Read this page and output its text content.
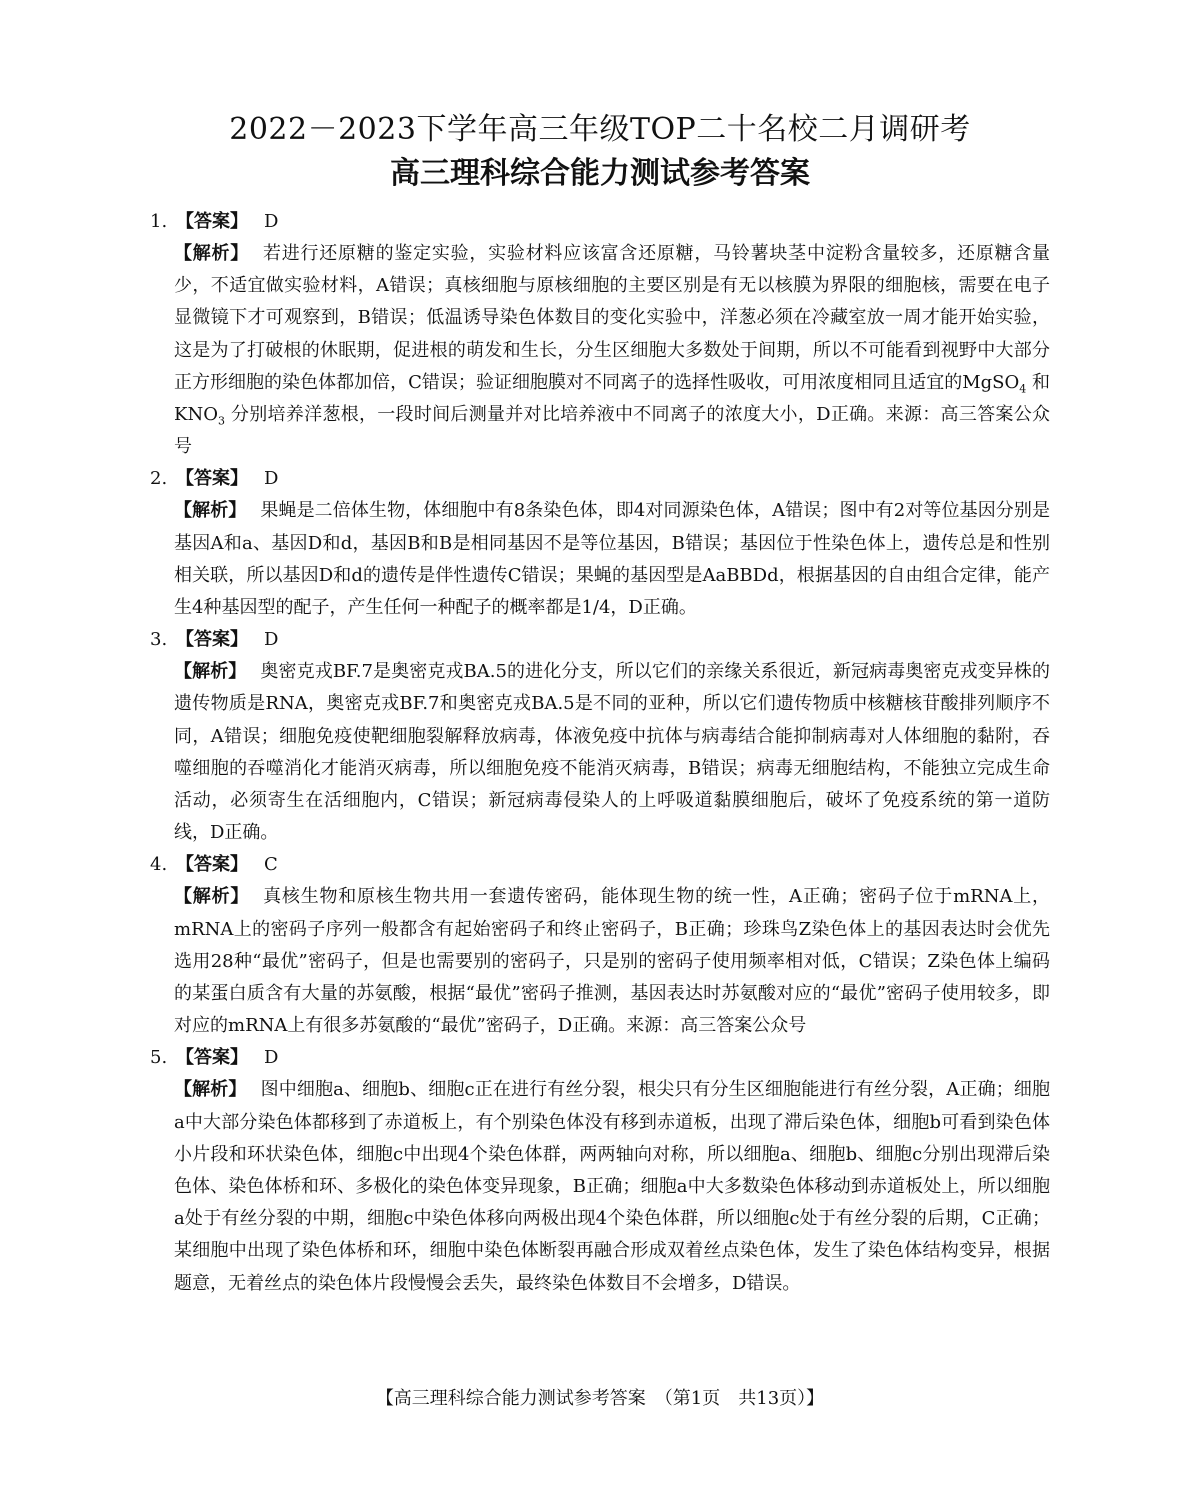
2022－2023下学年高三年级TOP二十名校二月调研考
高三理科综合能力测试参考答案
1. 【答案】 D

【解析】 若进行还原糖的鉴定实验，实验材料应该富含还原糖，马铃薯块茎中淀粉含量较多，还原糖含量少，不适宜做实验材料，A错误；真核细胞与原核细胞的主要区别是有无以核膜为界限的细胞核，需要在电子显微镜下才可观察到，B错误；低温诱导染色体数目的变化实验中，洋葱必须在冷藏室放一周才能开始实验，这是为了打破根的休眠期，促进根的萌发和生长，分生区细胞大多数处于间期，所以不可能看到视野中大部分正方形细胞的染色体都加倍，C错误；验证细胞膜对不同离子的选择性吸收，可用浓度相同且适宜的MgSO$_4$ 和$KNO_3$ 分别培养洋葱根，一段时间后测量并对比培养液中不同离子的浓度大小，D正确。来源：高三答案公众号

2. 【答案】 D

【解析】 果蝇是二倍体生物，体细胞中有8条染色体，即4对同源染色体，A错误；图中有2对等位基因分别是基因A和a、基因D和d，基因B和B是相同基因不是等位基因，B错误；基因位于性染色体上，遗传总是和性别相关联，所以基因D和d的遗传是伴性遗传C错误；果蝇的基因型是AaBBDd，根据基因的自由组合定律，能产生4种基因型的配子，产生任何一种配子的概率都是1/4，D正确。

3. 【答案】 D

【解析】 奥密克戎BF.7是奥密克戎BA.5的进化分支，所以它们的亲缘关系很近，新冠病毒奥密克戎变异株的遗传物质是RNA，奥密克戎BF.7和奥密克戎BA.5是不同的亚种，所以它们遗传物质中核糖核苷酸排列顺序不同，A错误；细胞免疫使靶细胞裂解释放病毒，体液免疫中抗体与病毒结合能抑制病毒对人体细胞的黏附，吞噬细胞的吞噬消化才能消灭病毒，所以细胞免疫不能消灭病毒，B错误；病毒无细胞结构，不能独立完成生命活动，必须寄生在活细胞内，C错误；新冠病毒侵染人的上呼吸道黏膜细胞后，破坏了免疫系统的第一道防线，D正确。

4. 【答案】 C

【解析】 真核生物和原核生物共用一套遗传密码，能体现生物的统一性，A正确；密码子位于mRNA上，mRNA上的密码子序列一般都含有起始密码子和终止密码子，B正确；珍珠鸟Z染色体上的基因表达时会优先选用28种“最优”密码子，但是也需要别的密码子，只是别的密码子使用频率相对低，C错误；Z染色体上编码的某蛋白质含有大量的苏氨酸，根据“最优”密码子推测，基因表达时苏氨酸对应的“最优”密码子使用较多，即对应的mRNA上有很多苏氨酸的“最优”密码子，D正确。来源：高三答案公众号

5. 【答案】 D

【解析】 图中细胞a、细胞b、细胞c正在进行有丝分裂，根尖只有分生区细胞能进行有丝分裂，A正确；细胞a中大部分染色体都移到了赤道板上，有个别染色体没有移到赤道板，出现了滞后染色体，细胞b可看到染色体小片段和环状染色体，细胞c中出现4个染色体群，两两轴向对称，所以细胞a、细胞b、细胞c分别出现滞后染色体、染色体桥和环、多极化的染色体变异现象，B正确；细胞a中大多数染色体移动到赤道板处上，所以细胞a处于有丝分裂的中期，细胞c中染色体移向两极出现4个染色体群，所以细胞c处于有丝分裂的后期，C正确；某细胞中出现了染色体桥和环，细胞中染色体断裂再融合形成双着丝点染色体，发生了染色体结构变异，根据题意，无着丝点的染色体片段慢慢会丢失，最终染色体数目不会增多，D错误。

【高三理科综合能力测试参考答案　（第1页　共13页）】
